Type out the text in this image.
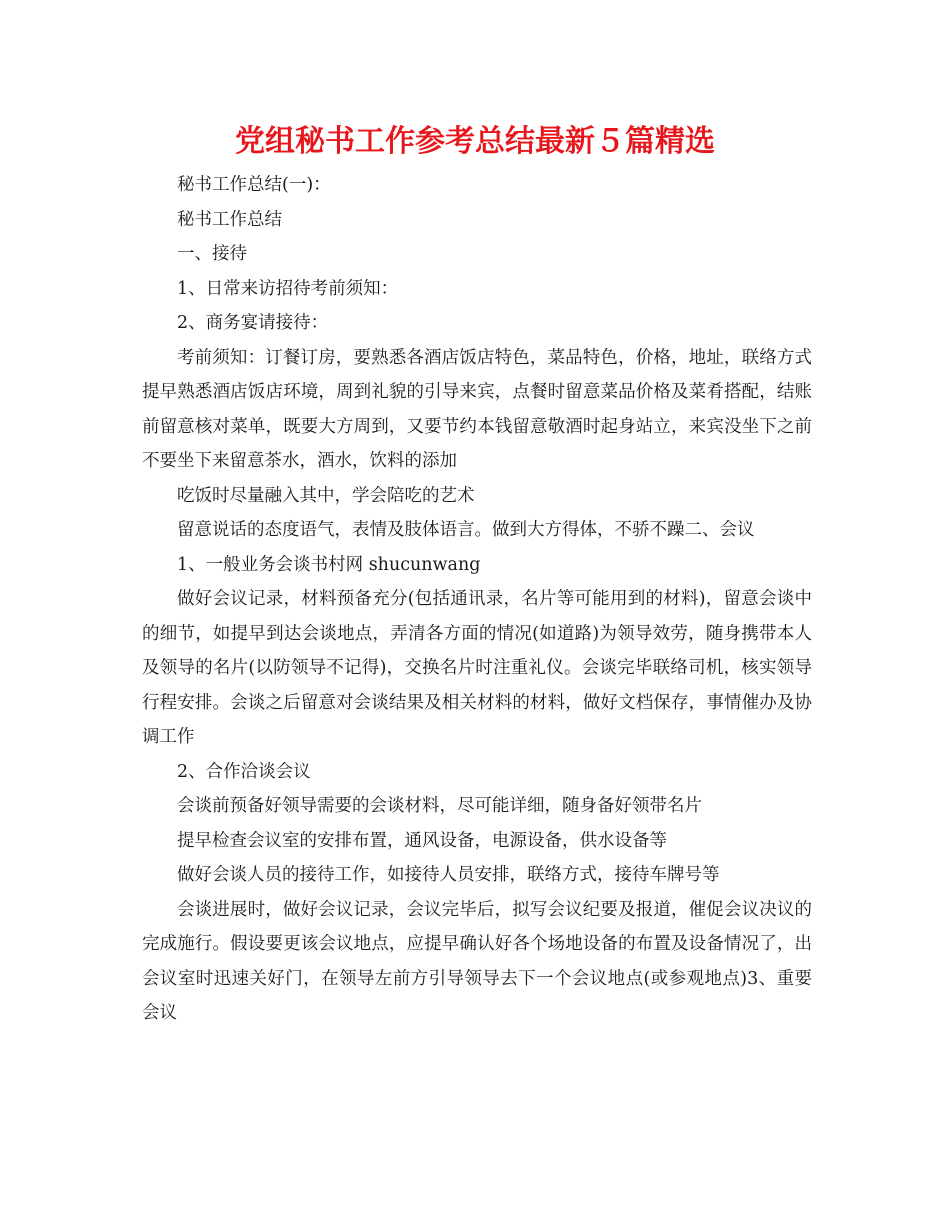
党组秘书工作参考总结最新５篇精选

秘书工作总结(一)：

秘书工作总结

一、接待

1、日常来访招待考前须知：

2、商务宴请接待：

考前须知：订餐订房，要熟悉各酒店饭店特色，菜品特色，价格，地址，联络方式提早熟悉酒店饭店环境，周到礼貌的引导来宾，点餐时留意菜品价格及菜肴搭配，结账前留意核对菜单，既要大方周到，又要节约本钱留意敬酒时起身站立，来宾没坐下之前不要坐下来留意茶水，酒水，饮料的添加

吃饭时尽量融入其中，学会陪吃的艺术

留意说话的态度语气，表情及肢体语言。做到大方得体，不骄不躁二、会议

1、一般业务会谈书村网 shucunwang

做好会议记录，材料预备充分(包括通讯录，名片等可能用到的材料)，留意会谈中的细节，如提早到达会谈地点，弄清各方面的情况(如道路)为领导效劳，随身携带本人及领导的名片(以防领导不记得)，交换名片时注重礼仪。会谈完毕联络司机，核实领导行程安排。会谈之后留意对会谈结果及相关材料的材料，做好文档保存，事情催办及协调工作

2、合作洽谈会议

会谈前预备好领导需要的会谈材料，尽可能详细，随身备好领带名片

提早检查会议室的安排布置，通风设备，电源设备，供水设备等

做好会谈人员的接待工作，如接待人员安排，联络方式，接待车牌号等

会谈进展时，做好会议记录，会议完毕后，拟写会议纪要及报道，催促会议决议的完成施行。假设要更该会议地点，应提早确认好各个场地设备的布置及设备情况了，出会议室时迅速关好门，在领导左前方引导领导去下一个会议地点(或参观地点)3、重要会议
